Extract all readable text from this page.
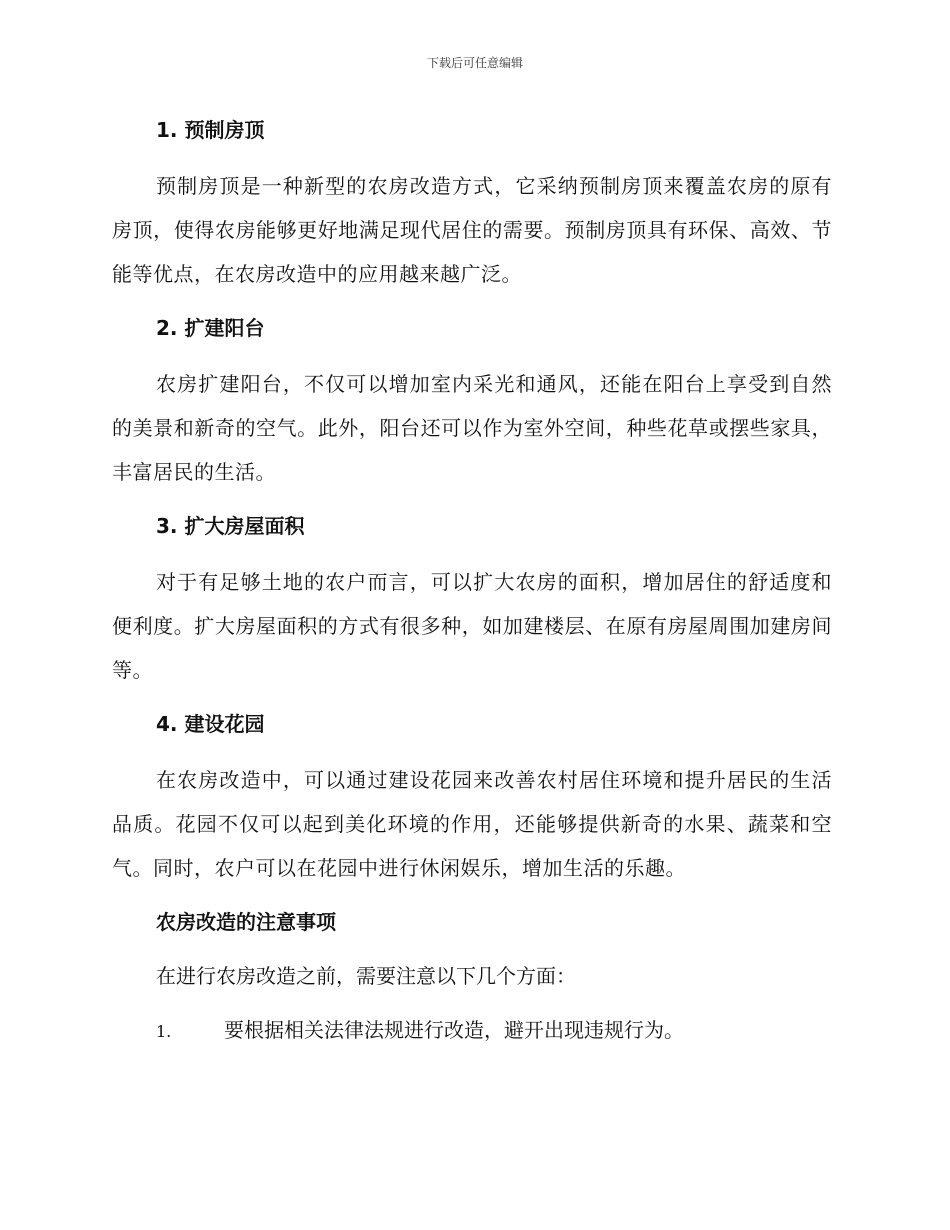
下载后可任意编辑
1. 预制房顶

预制房顶是一种新型的农房改造方式，它采纳预制房顶来覆盖农房的原有房顶，使得农房能够更好地满足现代居住的需要。预制房顶具有环保、高效、节能等优点，在农房改造中的应用越来越广泛。

2. 扩建阳台

农房扩建阳台，不仅可以增加室内采光和通风，还能在阳台上享受到自然的美景和新奇的空气。此外，阳台还可以作为室外空间，种些花草或摆些家具，丰富居民的生活。

3. 扩大房屋面积

对于有足够土地的农户而言，可以扩大农房的面积，增加居住的舒适度和便利度。扩大房屋面积的方式有很多种，如加建楼层、在原有房屋周围加建房间等。

4. 建设花园

在农房改造中，可以通过建设花园来改善农村居住环境和提升居民的生活品质。花园不仅可以起到美化环境的作用，还能够提供新奇的水果、蔬菜和空气。同时，农户可以在花园中进行休闲娱乐，增加生活的乐趣。

农房改造的注意事项

在进行农房改造之前，需要注意以下几个方面：

1.	要根据相关法律法规进行改造，避开出现违规行为。
